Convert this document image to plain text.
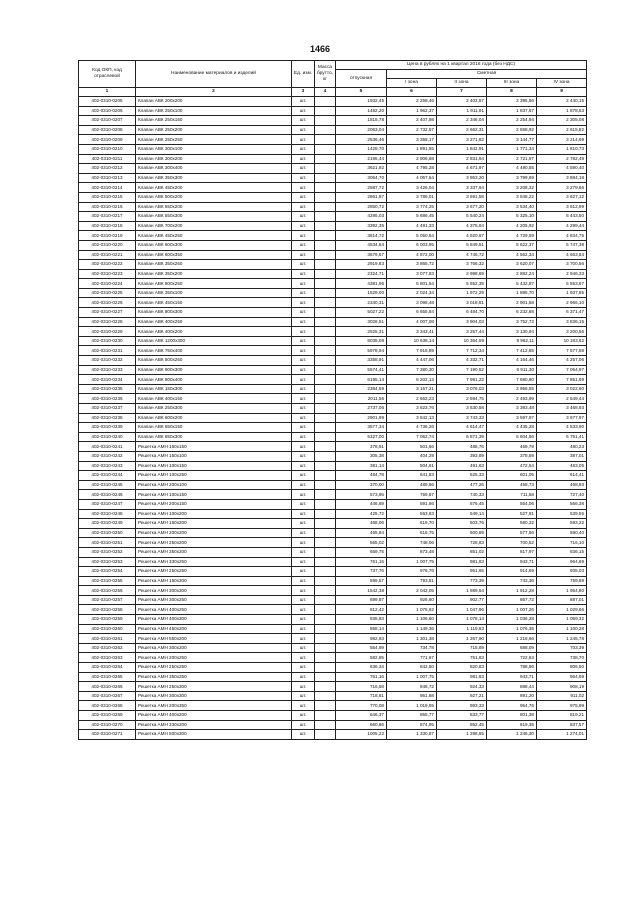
1466
Код ОКП, код отраслевой	Наименование материалов и изделий	Ед. изм.	Масса брутто, кг	Цена в рублях на 1 квартал 2016 года (без НДС)				
				отпускная	Сметная			
					I зона	II зона	III зона	IV зона
1	2	3	4	5	6	7	8	9
402-0310-0205	Клапан АВК 200х200	шт.		1932,45	2 258,46	2 402,57	2 395,56	2 440,15
402-0310-0206	Клапан АВК 250х100	шт.		1482,20	1 962,37	1 911,91	1 837,67	1 878,53
402-0310-0207	Клапан АВК 250х150	шт.		1815,78	2 407,98	2 346,04	2 254,94	2 305,08
402-0310-0208	Клапан АВК 250х200	шт.		2063,04	2 732,57	2 662,31	2 558,92	2 615,82
402-0310-0209	Клапан АВК 250х250	шт.		2536,46	3 358,17	3 271,82	3 144,77	3 214,69
402-0310-0210	Клапан АВК 300х100	шт.		1428,70	1 891,55	1 842,91	1 771,34	1 810,73
402-0310-0211	Клапан АВК 300х200	шт.		2195,44	2 906,68	2 831,94	2 721,97	2 782,49
402-0310-0212	Клапан АВК 300х400	шт.		3621,92	4 795,28	4 671,97	4 490,55	4 590,40
402-0310-0213	Клапан АВК 350х300	шт.		3064,70	4 057,54	3 953,20	3 799,69	3 884,18
402-0310-0214	Клапан АВК 450х200	шт.		2587,72	3 426,04	3 337,94	3 208,32	3 279,66
402-0310-0215	Клапан АВК 500х200	шт.		2861,87	3 789,01	3 691,58	3 548,22	3 627,12
402-0310-0216	Клапан АВК 550х200	шт.		2850,72	3 774,25	3 677,20	3 534,40	3 612,99
402-0310-0217	Клапан АВК 550х300	шт.		4295,03	5 686,45	5 540,24	5 325,10	5 443,50
402-0310-0218	Клапан АВК 700х200	шт.		3392,35	4 491,33	4 375,84	4 205,92	4 299,44
402-0310-0219	Клапан АВК 450х250	шт.		3814,72	5 050,54	4 920,67	4 729,59	4 834,75
402-0310-0220	Клапан АВК 600х300	шт.		4534,84	6 003,95	5 849,51	5 622,37	5 747,38
402-0310-0221	Клапан АВК 600х350	шт.		3679,67	4 872,00	4 746,72	4 562,34	4 663,84
402-0310-0222	Клапан АВК 350х250	шт.		2919,83	3 865,72	3 766,32	3 620,07	3 700,56
402-0310-0223	Клапан АВК 350х200	шт.		2324,71	3 077,83	2 998,69	2 882,24	2 946,33
402-0310-0224	Клапан АВК 800х250	шт.		4381,96	5 801,54	5 652,35	5 432,87	5 553,67
402-0310-0225	Клапан АВК 350х100	шт.		1529,00	2 024,34	1 972,29	1 895,70	1 937,85
402-0310-0226	Клапан АВК 450х150	шт.		2340,31	3 098,48	3 018,81	2 901,58	2 966,10
402-0310-0227	Клапан АВК 800х300	шт.		5027,22	6 655,84	6 484,70	6 232,88	6 371,47
402-0310-0228	Клапан АВК 400х250	шт.		3026,51	4 007,08	3 904,03	3 752,72	3 836,15
402-0310-0229	Клапан АВК 400х200	шт.		2525,31	3 343,41	3 257,44	3 130,94	3 200,56
402-0310-0230	Клапан АВК 1200х300	шт.		8035,08	10 638,14	10 364,59	9 962,11	10 183,62
402-0310-0231	Клапан АВК 750х400	шт.		5978,94	7 915,89	7 712,34	7 412,85	7 577,68
402-0310-0232	Клапан АВК 500х250	шт.		3358,91	4 447,06	4 332,71	4 164,46	4 257,06
402-0310-0233	Клапан АВК 900х300	шт.		5574,41	7 380,30	7 190,52	6 911,30	7 064,97
402-0310-0234	Клапан АВК 800х400	шт.		6195,14	8 202,13	7 991,22	7 680,90	7 851,69
402-0310-0235	Клапан АВК 150х300	шт.		2384,69	3 157,21	3 076,03	2 956,55	3 022,60
402-0310-0236	Клапан АВК 400х150	шт.		2011,56	2 663,23	2 594,75	2 493,99	2 549,44
402-0310-0237	Клапан АВК 250х300	шт.		2737,06	3 623,76	3 530,58	3 393,48	3 468,93
402-0310-0238	Клапан АВК 600х200	шт.		2901,99	3 842,13	3 743,33	3 597,97	3 677,97
402-0310-0239	Клапан АВК 650х150	шт.		3577,34	4 736,26	4 614,47	4 435,28	4 533,90
402-0310-0240	Клапан АВК 650х300	шт.		5327,00	7 052,74	6 871,39	6 604,56	6 751,41
402-0310-0241	Решетка АМН 150х150	шт.		378,91	501,66	488,76	469,78	480,23
402-0310-0242	Решетка АМН 150х100	шт.		305,38	404,29	393,89	378,59	387,01
402-0310-0243	Решетка АМН 100х150	шт.		381,14	504,61	491,63	472,54	483,05
402-0310-0244	Решетка АМН 100х250	шт.		484,78	641,83	625,33	601,05	614,41
402-0310-0245	Решетка АМН 200х100	шт.		370,00	489,86	477,26	458,73	468,93
402-0310-0246	Решетка АМН 100х150	шт.		573,95	759,87	740,33	711,58	727,40
402-0310-0247	Решетка АМН 200х150	шт.		446,89	591,66	576,45	554,06	566,38
402-0310-0248	Решетка АМН 100х200	шт.		425,72	563,63	549,14	527,81	539,55
402-0310-0249	Решетка АМН 150х200	шт.		468,06	619,70	603,76	580,32	593,22
402-0310-0250	Решетка АМН 200х200	шт.		465,84	616,75	600,89	577,56	590,40
402-0310-0251	Решетка АМН 250х200	шт.		565,02	748,06	728,83	700,52	716,10
402-0310-0252	Решетка АМН 350х200	шт.		659,75	873,48	851,02	817,97	836,15
402-0310-0253	Решетка АМН 330х250	шт.		761,16	1 007,75	981,83	943,71	964,69
402-0310-0254	Решетка АМН 250х250	шт.		737,76	976,76	951,65	914,69	935,03
402-0310-0255	Решетка АМН 150х300	шт.		599,57	793,81	773,39	743,36	759,89
402-0310-0256	Решетка АМН 300х300	шт.		1542,38	2 042,05	1 989,54	1 912,28	1 954,80
402-0310-0257	Решетка АМН 300х250	шт.		699,87	926,60	902,77	867,72	887,01
402-0310-0258	Решетка АМН 400х250	шт.		812,42	1 075,62	1 047,96	1 007,26	1 029,66
402-0310-0259	Решетка АМН 400х300	шт.		835,83	1 106,60	1 078,14	1 036,28	1 059,32
402-0310-0260	Решетка АМН 450х200	шт.		868,14	1 149,36	1 119,83	1 076,35	1 100,28
402-0310-0261	Решетка АМН 550х200	шт.		982,93	1 301,38	1 267,90	1 218,66	1 245,78
402-0310-0262	Решетка АМН 300х200	шт.		554,99	734,78	715,89	688,09	703,39
402-0310-0263	Решетка АМН 200х250	шт.		582,85	771,67	751,83	722,63	738,70
402-0310-0264	Решетка АМН 250х250	шт.		636,34	842,50	820,83	788,96	806,50
402-0310-0265	Решетка АМН 350х250	шт.		761,16	1 007,75	981,83	943,71	964,69
402-0310-0266	Решетка АМН 250х300	шт.		716,58	948,72	924,33	888,44	908,19
402-0310-0267	Решетка АМН 300х300	шт.		718,81	951,68	927,21	891,20	911,02
402-0310-0268	Решетка АМН 200х350	шт.		770,08	1 019,55	993,33	954,76	975,99
402-0310-0269	Решетка АМН 400х200	шт.		646,37	855,77	833,77	801,38	819,21
402-0310-0270	Решетка АМН 330х200	шт.		660,86	874,95	852,45	819,35	837,57
402-0310-0271	Решетка АМН 500х300	шт.		1005,22	1 330,87	1 296,65	1 246,30	1 274,01
